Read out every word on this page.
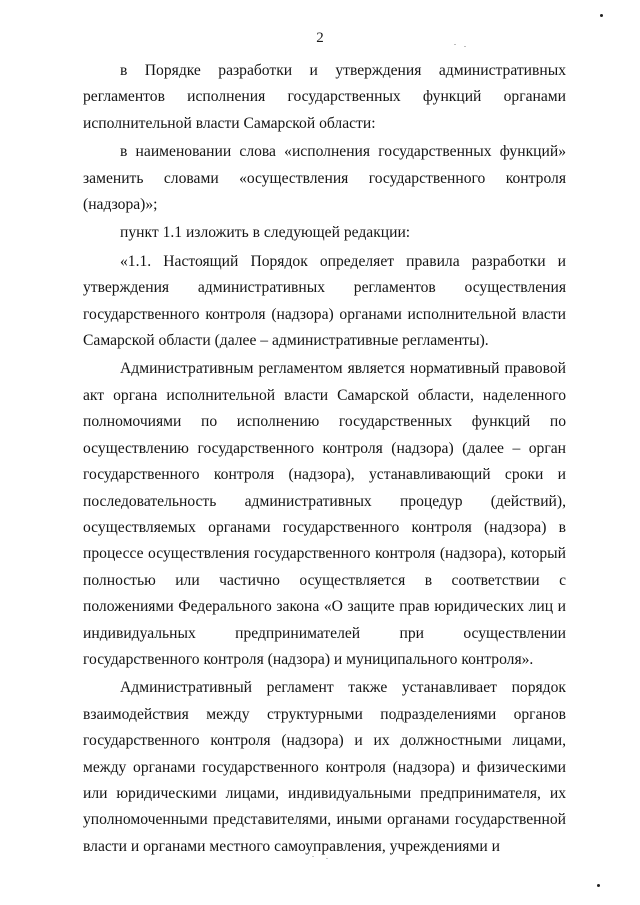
2

в Порядке разработки и утверждения административных регламентов исполнения государственных функций органами исполнительной власти Самарской области:

в наименовании слова «исполнения государственных функций» заменить словами «осуществления государственного контроля (надзора)»;

пункт 1.1 изложить в следующей редакции:

«1.1. Настоящий Порядок определяет правила разработки и утверждения административных регламентов осуществления государственного контроля (надзора) органами исполнительной власти Самарской области (далее – административные регламенты).

Административным регламентом является нормативный правовой акт органа исполнительной власти Самарской области, наделенного полномочиями по исполнению государственных функций по осуществлению государственного контроля (надзора) (далее – орган государственного контроля (надзора), устанавливающий сроки и последовательность административных процедур (действий), осуществляемых органами государственного контроля (надзора) в процессе осуществления государственного контроля (надзора), который полностью или частично осуществляется в соответствии с положениями Федерального закона «О защите прав юридических лиц и индивидуальных предпринимателей при осуществлении государственного контроля (надзора) и муниципального контроля».

Административный регламент также устанавливает порядок взаимодействия между структурными подразделениями органов государственного контроля (надзора) и их должностными лицами, между органами государственного контроля (надзора) и физическими или юридическими лицами, индивидуальными предпринимателя, их уполномоченными представителями, иными органами государственной власти и органами местного самоуправления, учреждениями и
